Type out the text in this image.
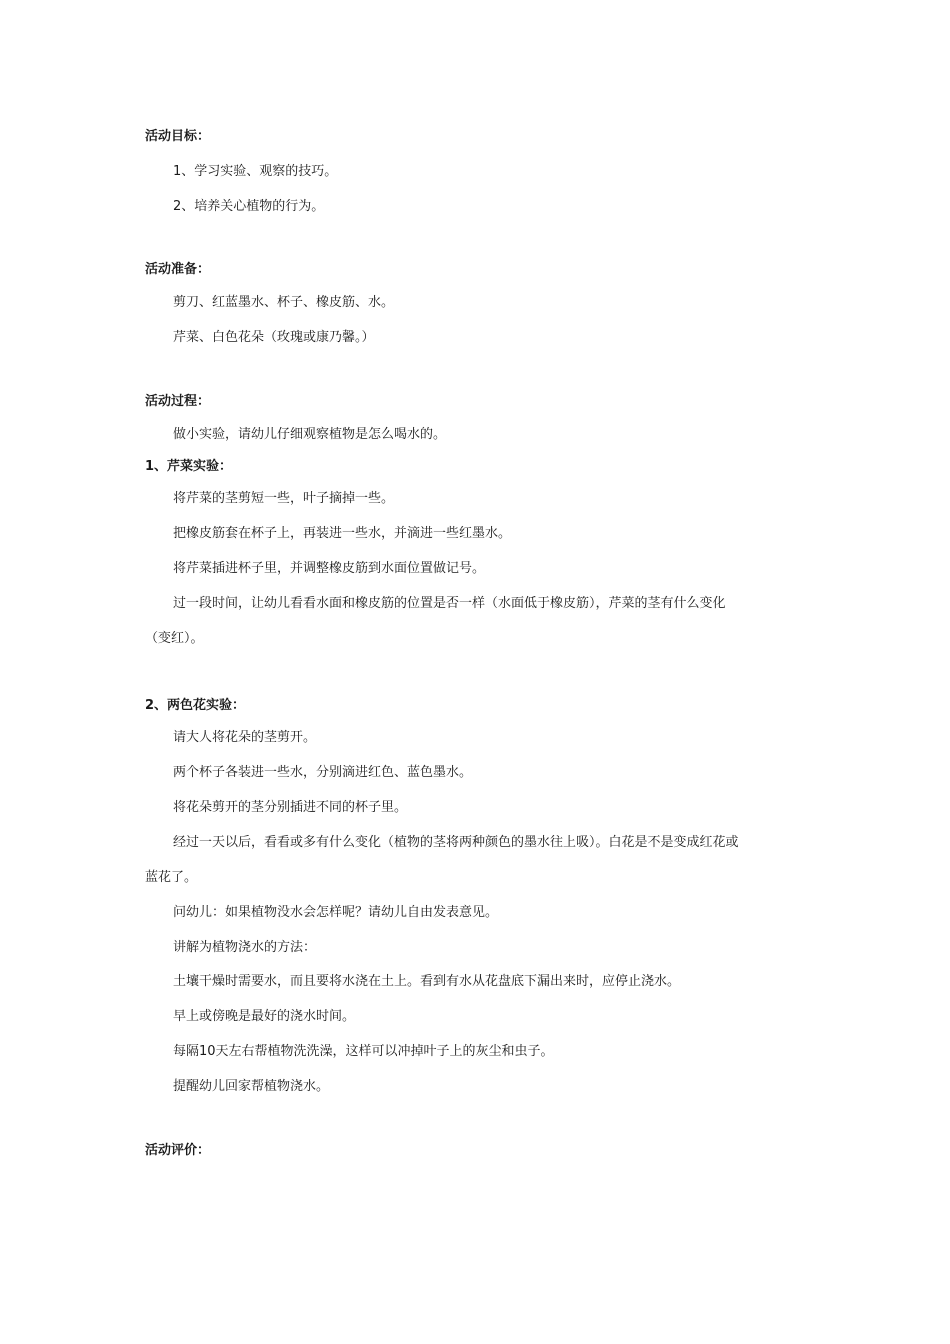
活动目标：
1、学习实验、观察的技巧。
2、培养关心植物的行为。
活动准备：
剪刀、红蓝墨水、杯子、橡皮筋、水。
芹菜、白色花朵（玫瑰或康乃馨。）
活动过程：
做小实验，请幼儿仔细观察植物是怎么喝水的。
1、芹菜实验：
将芹菜的茎剪短一些，叶子摘掉一些。
把橡皮筋套在杯子上，再装进一些水，并滴进一些红墨水。
将芹菜插进杯子里，并调整橡皮筋到水面位置做记号。
过一段时间，让幼儿看看水面和橡皮筋的位置是否一样（水面低于橡皮筋），芹菜的茎有什么变化
（变红）。
2、两色花实验：
请大人将花朵的茎剪开。
两个杯子各装进一些水，分别滴进红色、蓝色墨水。
将花朵剪开的茎分别插进不同的杯子里。
经过一天以后，看看或多有什么变化（植物的茎将两种颜色的墨水往上吸）。白花是不是变成红花或
蓝花了。
问幼儿：如果植物没水会怎样呢？请幼儿自由发表意见。
讲解为植物浇水的方法：
土壤干燥时需要水，而且要将水浇在土上。看到有水从花盘底下漏出来时，应停止浇水。
早上或傍晚是最好的浇水时间。
每隔10天左右帮植物洗洗澡，这样可以冲掉叶子上的灰尘和虫子。
提醒幼儿回家帮植物浇水。
活动评价：
